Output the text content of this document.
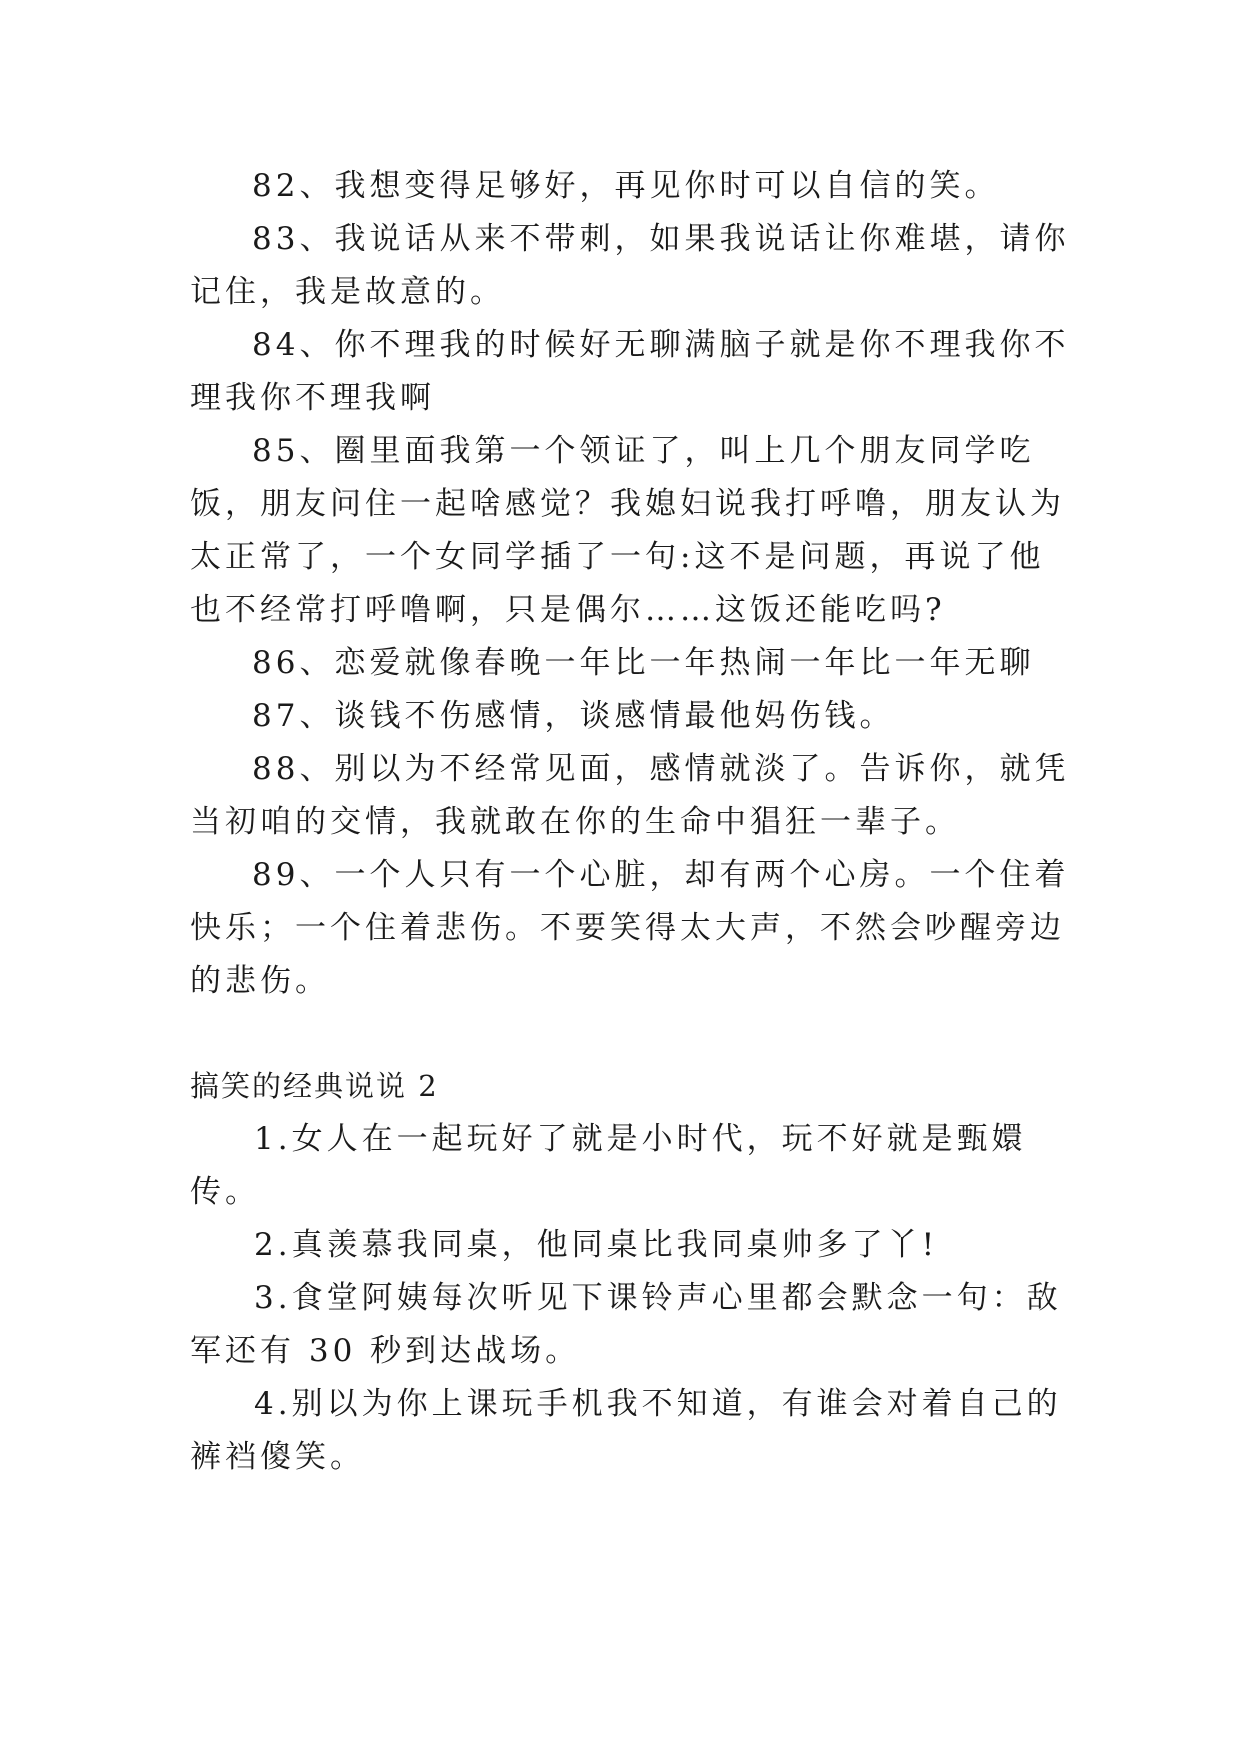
82、我想变得足够好，再见你时可以自信的笑。

83、我说话从来不带刺，如果我说话让你难堪，请你记住，我是故意的。

84、你不理我的时候好无聊满脑子就是你不理我你不理我你不理我啊

85、圈里面我第一个领证了，叫上几个朋友同学吃饭，朋友问住一起啥感觉？我媳妇说我打呼噜，朋友认为太正常了，一个女同学插了一句:这不是问题，再说了他也不经常打呼噜啊，只是偶尔……这饭还能吃吗?

86、恋爱就像春晚一年比一年热闹一年比一年无聊

87、谈钱不伤感情，谈感情最他妈伤钱。

88、别以为不经常见面，感情就淡了。告诉你，就凭当初咱的交情，我就敢在你的生命中猖狂一辈子。

89、一个人只有一个心脏，却有两个心房。一个住着快乐；一个住着悲伤。不要笑得太大声，不然会吵醒旁边的悲伤。

搞笑的经典说说 2

1.女人在一起玩好了就是小时代，玩不好就是甄嬛传。

2.真羡慕我同桌，他同桌比我同桌帅多了丫!

3.食堂阿姨每次听见下课铃声心里都会默念一句：敌军还有 30 秒到达战场。

4.别以为你上课玩手机我不知道，有谁会对着自己的裤裆傻笑。
